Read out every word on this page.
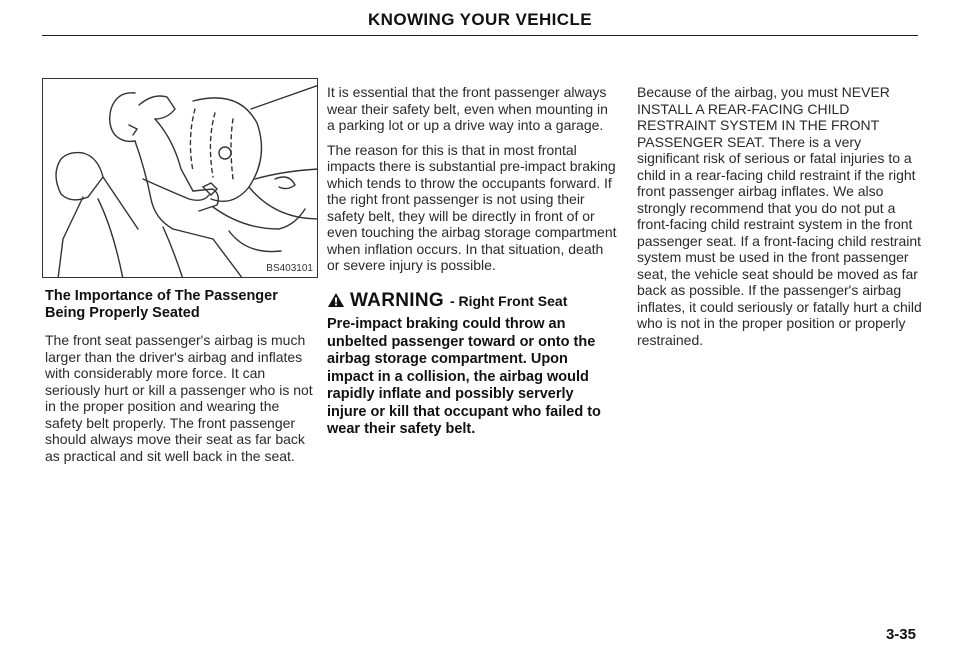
KNOWING YOUR VEHICLE
BS403101
The Importance of The Passenger Being Properly Seated

The front seat passenger's airbag is much larger than the driver's airbag and inflates with considerably more force. It can seriously hurt or kill a passenger who is not in the proper position and wearing the safety belt properly. The front passenger should always move their seat as far back as practical and sit well back in the seat.

It is essential that the front passenger always wear their safety belt, even when mounting in a parking lot or up a drive way into a garage.

The reason for this is that in most frontal impacts there is substantial pre-impact braking which tends to throw the occupants forward. If the right front passenger is not using their safety belt, they will be directly in front of or even touching the airbag storage compartment when inflation occurs. In that situation, death or severe injury is possible.

WARNING - Right Front Seat

Pre-impact braking could throw an unbelted passenger toward or onto the airbag storage compartment. Upon impact in a collision, the airbag would rapidly inflate and possibly serverly injure or kill that occupant who failed to wear their safety belt.

Because of the airbag, you must NEVER INSTALL A REAR-FACING CHILD RESTRAINT SYSTEM IN THE FRONT PASSENGER SEAT. There is a very significant risk of serious or fatal injuries to a child in a rear-facing child restraint if the right front passenger airbag inflates. We also strongly recommend that you do not put a front-facing child restraint system in the front passenger seat. If a front-facing child restraint system must be used in the front passenger seat, the vehicle seat should be moved as far back as possible. If the passenger's airbag inflates, it could seriously or fatally hurt a child who is not in the proper position or properly restrained.

3-35
